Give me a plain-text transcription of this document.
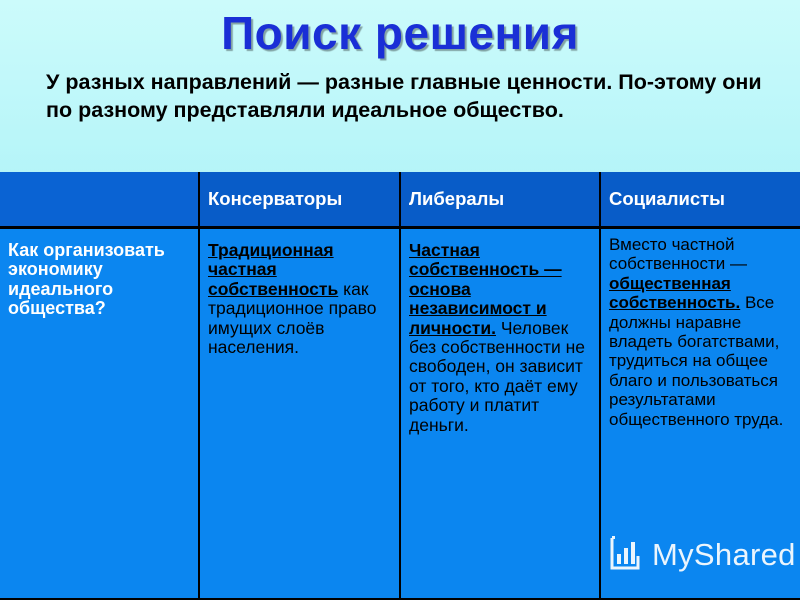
Поиск решения
У разных направлений — разные главные ценности. По-этому они по разному представляли идеальное общество.
Консерваторы	Либералы	Социалисты
Как организовать экономику идеального общества?
Традиционная частная собственность как традиционное право имущих слоёв населения.
Частная собственность — основа независимост и личности. Человек без собственности не свободен, он зависит от того, кто даёт ему работу и платит деньги.
Вместо частной собственности — общественная собственность. Все должны наравне владеть богатствами, трудиться на общее благо и пользоваться результатами общественного труда.
MyShared
